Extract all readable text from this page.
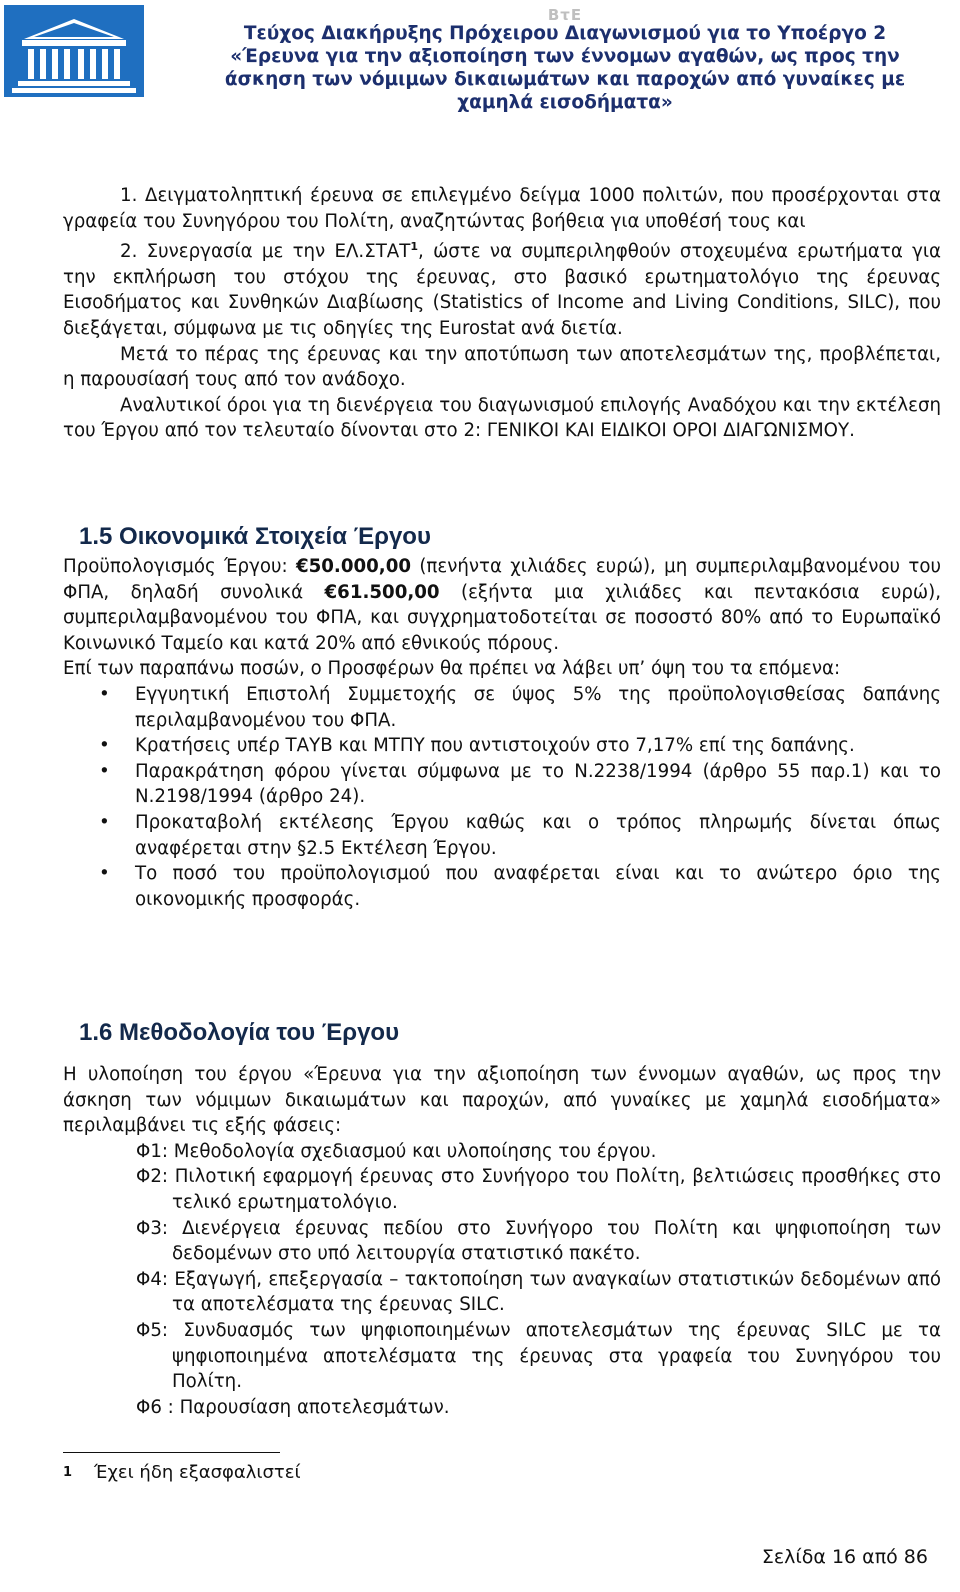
BτE
Τεύχος Διακήρυξης Πρόχειρου Διαγωνισμού για το Υποέργο 2
«Έρευνα για την αξιοποίηση των έννομων αγαθών, ως προς την
άσκηση των νόμιμων δικαιωμάτων και παροχών από γυναίκες με
χαμηλά εισοδήματα»

1. Δειγματοληπτική έρευνα σε επιλεγμένο δείγμα 1000 πολιτών, που προσέρχονται στα γραφεία του Συνηγόρου του Πολίτη, αναζητώντας βοήθεια για υποθέσή τους και

2. Συνεργασία με την ΕΛ.ΣΤΑΤ$^1$, ώστε να συμπεριληφθούν στοχευμένα ερωτήματα για την εκπλήρωση του στόχου της έρευνας, στο βασικό ερωτηματολόγιο της έρευνας Εισοδήματος και Συνθηκών Διαβίωσης (Statistics of Income and Living Conditions, SILC), που διεξάγεται, σύμφωνα με τις οδηγίες της Eurostat ανά διετία.

Μετά το πέρας της έρευνας και την αποτύπωση των αποτελεσμάτων της, προβλέπεται, η παρουσίασή τους από τον ανάδοχο.

Αναλυτικοί όροι για τη διενέργεια του διαγωνισμού επιλογής Αναδόχου και την εκτέλεση του Έργου από τον τελευταίο δίνονται στο 2: ΓΕΝΙΚΟΙ ΚΑΙ ΕΙΔΙΚΟΙ ΟΡΟΙ ΔΙΑΓΩΝΙΣΜΟΥ.

1.5 Οικονομικά Στοιχεία Έργου

Προϋπολογισμός Έργου: €50.000,00 (πενήντα χιλιάδες ευρώ), μη συμπεριλαμβανομένου του ΦΠΑ, δηλαδή συνολικά €61.500,00 (εξήντα μια χιλιάδες και πεντακόσια ευρώ), συμπεριλαμβανομένου του ΦΠΑ, και συγχρηματοδοτείται σε ποσοστό 80% από το Ευρωπαϊκό Κοινωνικό Ταμείο και κατά 20% από εθνικούς πόρους.

Επί των παραπάνω ποσών, ο Προσφέρων θα πρέπει να λάβει υπ’ όψη του τα επόμενα:

• Εγγυητική Επιστολή Συμμετοχής σε ύψος 5% της προϋπολογισθείσας δαπάνης περιλαμβανομένου του ΦΠΑ.
• Κρατήσεις υπέρ ΤΑΥΒ και ΜΤΠΥ που αντιστοιχούν στο 7,17% επί της δαπάνης.
• Παρακράτηση φόρου γίνεται σύμφωνα με το Ν.2238/1994 (άρθρο 55 παρ.1) και το Ν.2198/1994 (άρθρο 24).
• Προκαταβολή εκτέλεσης Έργου καθώς και ο τρόπος πληρωμής δίνεται όπως αναφέρεται στην §2.5 Εκτέλεση Έργου.
• Το ποσό του προϋπολογισμού που αναφέρεται είναι και το ανώτερο όριο της οικονομικής προσφοράς.
1.6 Μεθοδολογία του Έργου

Η υλοποίηση του έργου «Έρευνα για την αξιοποίηση των έννομων αγαθών, ως προς την άσκηση των νόμιμων δικαιωμάτων και παροχών, από γυναίκες με χαμηλά εισοδήματα» περιλαμβάνει τις εξής φάσεις:

Φ1: Μεθοδολογία σχεδιασμού και υλοποίησης του έργου.

Φ2: Πιλοτική εφαρμογή έρευνας στο Συνήγορο του Πολίτη, βελτιώσεις προσθήκες στο τελικό ερωτηματολόγιο.

Φ3: Διενέργεια έρευνας πεδίου στο Συνήγορο του Πολίτη και ψηφιοποίηση των δεδομένων στο υπό λειτουργία στατιστικό πακέτο.

Φ4: Εξαγωγή, επεξεργασία – τακτοποίηση των αναγκαίων στατιστικών δεδομένων από τα αποτελέσματα της έρευνας SILC.

Φ5: Συνδυασμός των ψηφιοποιημένων αποτελεσμάτων της έρευνας SILC με τα ψηφιοποιημένα αποτελέσματα της έρευνας στα γραφεία του Συνηγόρου του Πολίτη.

Φ6 : Παρουσίαση αποτελεσμάτων.

$^1$ Έχει ήδη εξασφαλιστεί
Σελίδα 16 από 86
